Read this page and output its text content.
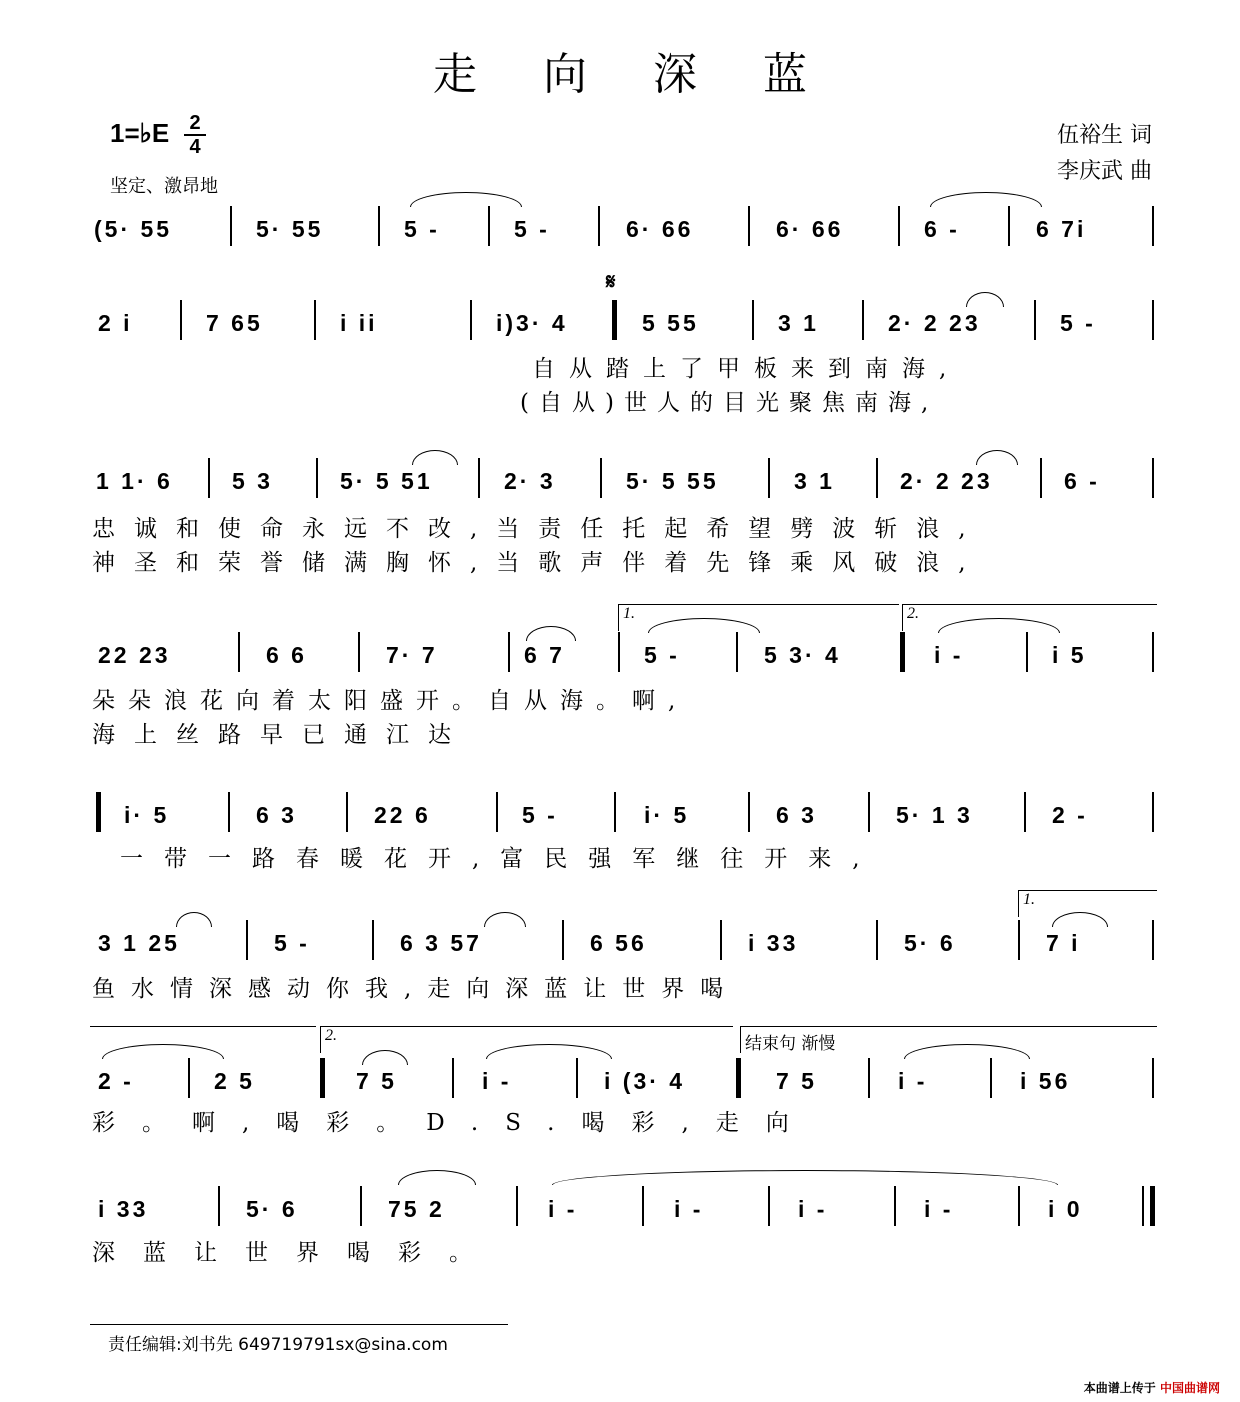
走 向 深 蓝
1=♭E	2
4
坚定、激昂地
伍裕生 词
李庆武 曲
(5· 55	5· 55	5 -	5 -	6· 66	6· 66	6 -	6 7i
𝄋
2 i	7 65	i ii	i)3· 4	5 55	3 1	2· 2 23	5 -
自从踏上了甲板来到南海,
(自从)世人的目光聚焦南海,
1 1· 6	5 3	5· 5 51	2· 3	5· 5 55	3 1	2· 2 23	6 -
忠诚和使命永远不改,当责任托起希望劈波斩浪,
神圣和荣誉储满胸怀,当歌声伴着先锋乘风破浪,
1.	2.
22 23	6 6	7· 7	6 7	5 -	5 3· 4	i -	i 5
朵朵浪花向着太阳盛开。自从海。啊,
海上丝路早已通江达
i· 5	6 3	22 6	5 -	i· 5	6 3	5· 1 3	2 -
一带一路春暖花开,富民强军继往开来,
1.
3 1 25	5 -	6 3 57	6 56	i 33	5· 6	7 i
鱼水情深感动你我,走向深蓝让世界喝
2.	结束句 渐慢
2 -	2 5	7 5	i -	i (3· 4	7 5	i -	i 56
彩。啊,喝彩。D.S.喝彩,走向
i 33	5· 6	75 2	i -	i -	i -	i -	i 0
深蓝让世界喝彩。
责任编辑:刘书先 649719791sx@sina.com
本曲谱上传于 中国曲谱网
